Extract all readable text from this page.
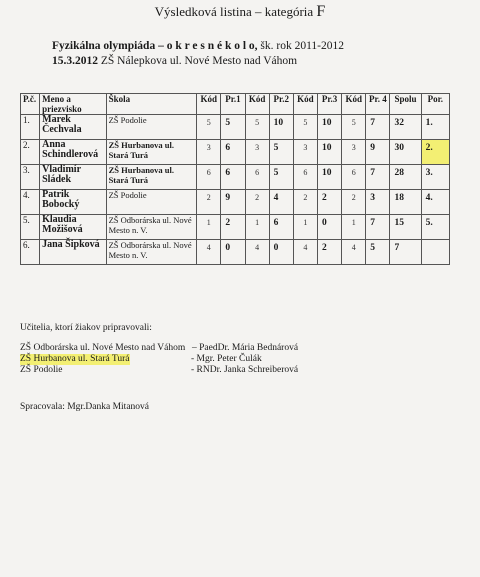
Výsledková listina – kategória F
Fyzikálna olympiáda – o k r e s n é k o l o, šk. rok 2011-2012
15.3.2012 ZŠ Nálepkova ul. Nové Mesto nad Váhom
P.č.	Meno a priezvisko	Škola	Kód	Pr.1	Kód	Pr.2	Kód	Pr.3	Kód	Pr. 4	Spolu	Por.
1.	Marek Čechvala	ZŠ Podolie	5	5	5	10	5	10	5	7	32	1.
2.	Anna Schindlerová	ZŠ Hurbanova ul. Stará Turá	3	6	3	5	3	10	3	9	30	2.
3.	Vladimír Sládek	ZŠ Hurbanova ul. Stará Turá	6	6	6	5	6	10	6	7	28	3.
4.	Patrik Bobocký	ZŠ Podolie	2	9	2	4	2	2	2	3	18	4.
5.	Klaudia Možišová	ZŠ Odborárska ul. Nové Mesto n. V.	1	2	1	6	1	0	1	7	15	5.
6.	Jana Šipková	ZŠ Odborárska ul. Nové Mesto n. V.	4	0	4	0	4	2	4	5	7	
Učitelia, ktorí žiakov pripravovali:
ZŠ Odborárska ul. Nové Mesto nad Váhom – PaedDr. Mária Bednárová
ZŠ Hurbanova ul. Stará Turá	- Mgr. Peter Čulák
ZŠ Podolie	- RNDr. Janka Schreiberová
Spracovala: Mgr.Danka Mitanová
